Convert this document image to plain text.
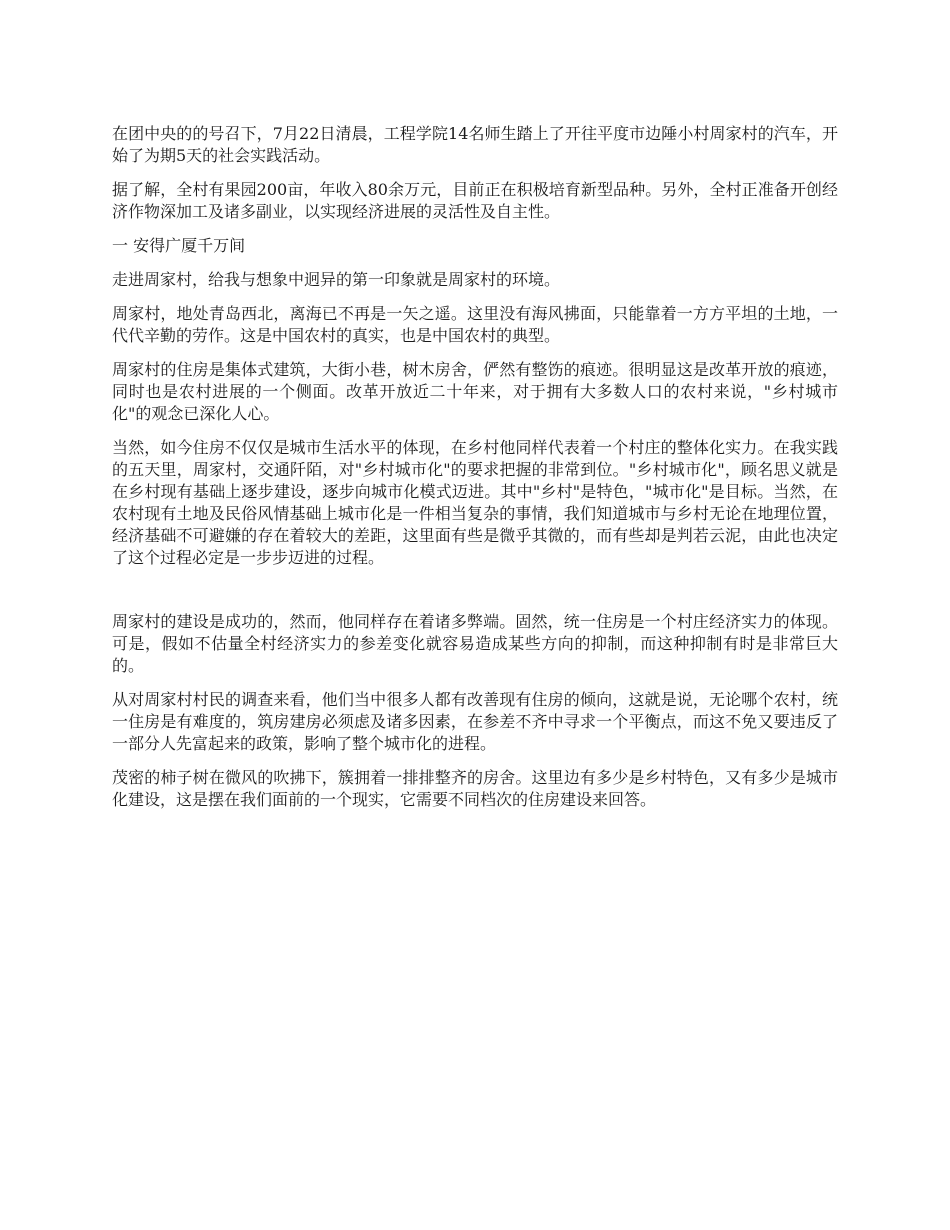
在团中央的的号召下，7月22日清晨，工程学院14名师生踏上了开往平度市边陲小村周家村的汽车，开始了为期5天的社会实践活动。

据了解，全村有果园200亩，年收入80余万元，目前正在积极培育新型品种。另外，全村正准备开创经济作物深加工及诸多副业，以实现经济进展的灵活性及自主性。

一 安得广厦千万间

走进周家村，给我与想象中迥异的第一印象就是周家村的环境。

周家村，地处青岛西北，离海已不再是一矢之遥。这里没有海风拂面，只能靠着一方方平坦的土地，一代代辛勤的劳作。这是中国农村的真实，也是中国农村的典型。

周家村的住房是集体式建筑，大街小巷，树木房舍，俨然有整饬的痕迹。很明显这是改革开放的痕迹，同时也是农村进展的一个侧面。改革开放近二十年来，对于拥有大多数人口的农村来说，"乡村城市化"的观念已深化人心。

当然，如今住房不仅仅是城市生活水平的体现，在乡村他同样代表着一个村庄的整体化实力。在我实践的五天里，周家村，交通阡陌，对"乡村城市化"的要求把握的非常到位。"乡村城市化"，顾名思义就是在乡村现有基础上逐步建设，逐步向城市化模式迈进。其中"乡村"是特色，"城市化"是目标。当然，在农村现有土地及民俗风情基础上城市化是一件相当复杂的事情，我们知道城市与乡村无论在地理位置，经济基础不可避嫌的存在着较大的差距，这里面有些是微乎其微的，而有些却是判若云泥，由此也决定了这个过程必定是一步步迈进的过程。

周家村的建设是成功的，然而，他同样存在着诸多弊端。固然，统一住房是一个村庄经济实力的体现。可是，假如不估量全村经济实力的参差变化就容易造成某些方向的抑制，而这种抑制有时是非常巨大的。

从对周家村村民的调查来看，他们当中很多人都有改善现有住房的倾向，这就是说，无论哪个农村，统一住房是有难度的，筑房建房必须虑及诸多因素，在参差不齐中寻求一个平衡点，而这不免又要违反了一部分人先富起来的政策，影响了整个城市化的进程。

茂密的柿子树在微风的吹拂下，簇拥着一排排整齐的房舍。这里边有多少是乡村特色，又有多少是城市化建设，这是摆在我们面前的一个现实，它需要不同档次的住房建设来回答。
